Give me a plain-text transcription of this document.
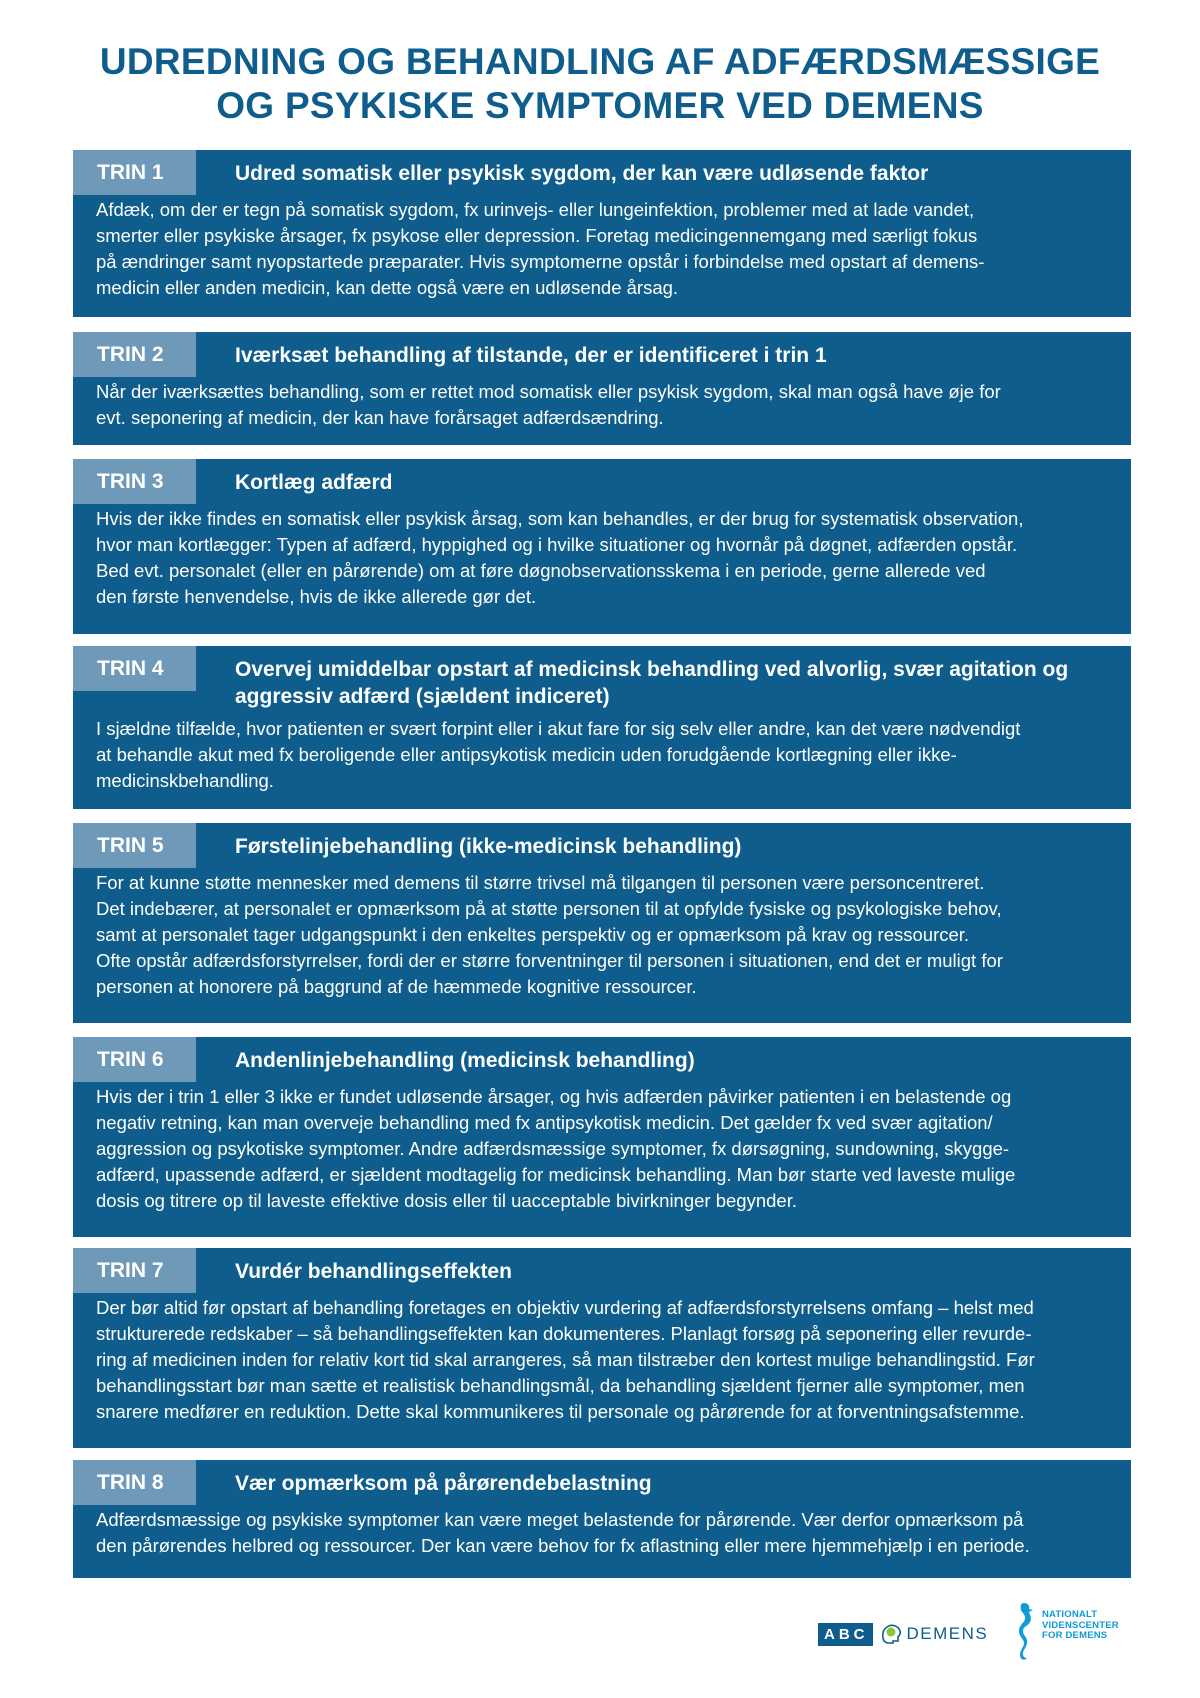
UDREDNING OG BEHANDLING AF ADFÆRDSMÆSSIGE
OG PSYKISKE SYMPTOMER VED DEMENS
TRIN 1	Udred somatisk eller psykisk sygdom, der kan være udløsende faktor
Afdæk, om der er tegn på somatisk sygdom, fx urinvejs- eller lungeinfektion, problemer med at lade vandet,
smerter eller psykiske årsager, fx psykose eller depression. Foretag medicingennemgang med særligt fokus
på ændringer samt nyopstartede præparater. Hvis symptomerne opstår i forbindelse med opstart af demens-
medicin eller anden medicin, kan dette også være en udløsende årsag.
TRIN 2	Iværksæt behandling af tilstande, der er identificeret i trin 1
Når der iværksættes behandling, som er rettet mod somatisk eller psykisk sygdom, skal man også have øje for
evt. seponering af medicin, der kan have forårsaget adfærdsændring.
TRIN 3	Kortlæg adfærd
Hvis der ikke findes en somatisk eller psykisk årsag, som kan behandles, er der brug for systematisk observation,
hvor man kortlægger: Typen af adfærd, hyppighed og i hvilke situationer og hvornår på døgnet, adfærden opstår.
Bed evt. personalet (eller en pårørende) om at føre døgnobservationsskema i en periode, gerne allerede ved
den første henvendelse, hvis de ikke allerede gør det.
TRIN 4	Overvej umiddelbar opstart af medicinsk behandling ved alvorlig, svær agitation og aggressiv adfærd (sjældent indiceret)
I sjældne tilfælde, hvor patienten er svært forpint eller i akut fare for sig selv eller andre, kan det være nødvendigt
at behandle akut med fx beroligende eller antipsykotisk medicin uden forudgående kortlægning eller ikke-
medicinskbehandling.
TRIN 5	Førstelinjebehandling (ikke-medicinsk behandling)
For at kunne støtte mennesker med demens til større trivsel må tilgangen til personen være personcentreret.
Det indebærer, at personalet er opmærksom på at støtte personen til at opfylde fysiske og psykologiske behov,
samt at personalet tager udgangspunkt i den enkeltes perspektiv og er opmærksom på krav og ressourcer.
Ofte opstår adfærdsforstyrrelser, fordi der er større forventninger til personen i situationen, end det er muligt for
personen at honorere på baggrund af de hæmmede kognitive ressourcer.
TRIN 6	Andenlinjebehandling (medicinsk behandling)
Hvis der i trin 1 eller 3 ikke er fundet udløsende årsager, og hvis adfærden påvirker patienten i en belastende og
negativ retning, kan man overveje behandling med fx antipsykotisk medicin. Det gælder fx ved svær agitation/
aggression og psykotiske symptomer. Andre adfærdsmæssige symptomer, fx dørsøgning, sundowning, skygge-
adfærd, upassende adfærd, er sjældent modtagelig for medicinsk behandling. Man bør starte ved laveste mulige
dosis og titrere op til laveste effektive dosis eller til uacceptable bivirkninger begynder.
TRIN 7	Vurdér behandlingseffekten
Der bør altid før opstart af behandling foretages en objektiv vurdering af adfærdsforstyrrelsens omfang – helst med
strukturerede redskaber – så behandlingseffekten kan dokumenteres. Planlagt forsøg på seponering eller revurde-
ring af medicinen inden for relativ kort tid skal arrangeres, så man tilstræber den kortest mulige behandlingstid. Før
behandlingsstart bør man sætte et realistisk behandlingsmål, da behandling sjældent fjerner alle symptomer, men
snarere medfører en reduktion. Dette skal kommunikeres til personale og pårørende for at forventningsafstemme.
TRIN 8	Vær opmærksom på pårørendebelastning
Adfærdsmæssige og psykiske symptomer kan være meget belastende for pårørende. Vær derfor opmærksom på
den pårørendes helbred og ressourcer. Der kan være behov for fx aflastning eller mere hjemmehjælp i en periode.
ABC DEMENS
NATIONALT
VIDENSCENTER
FOR DEMENS
